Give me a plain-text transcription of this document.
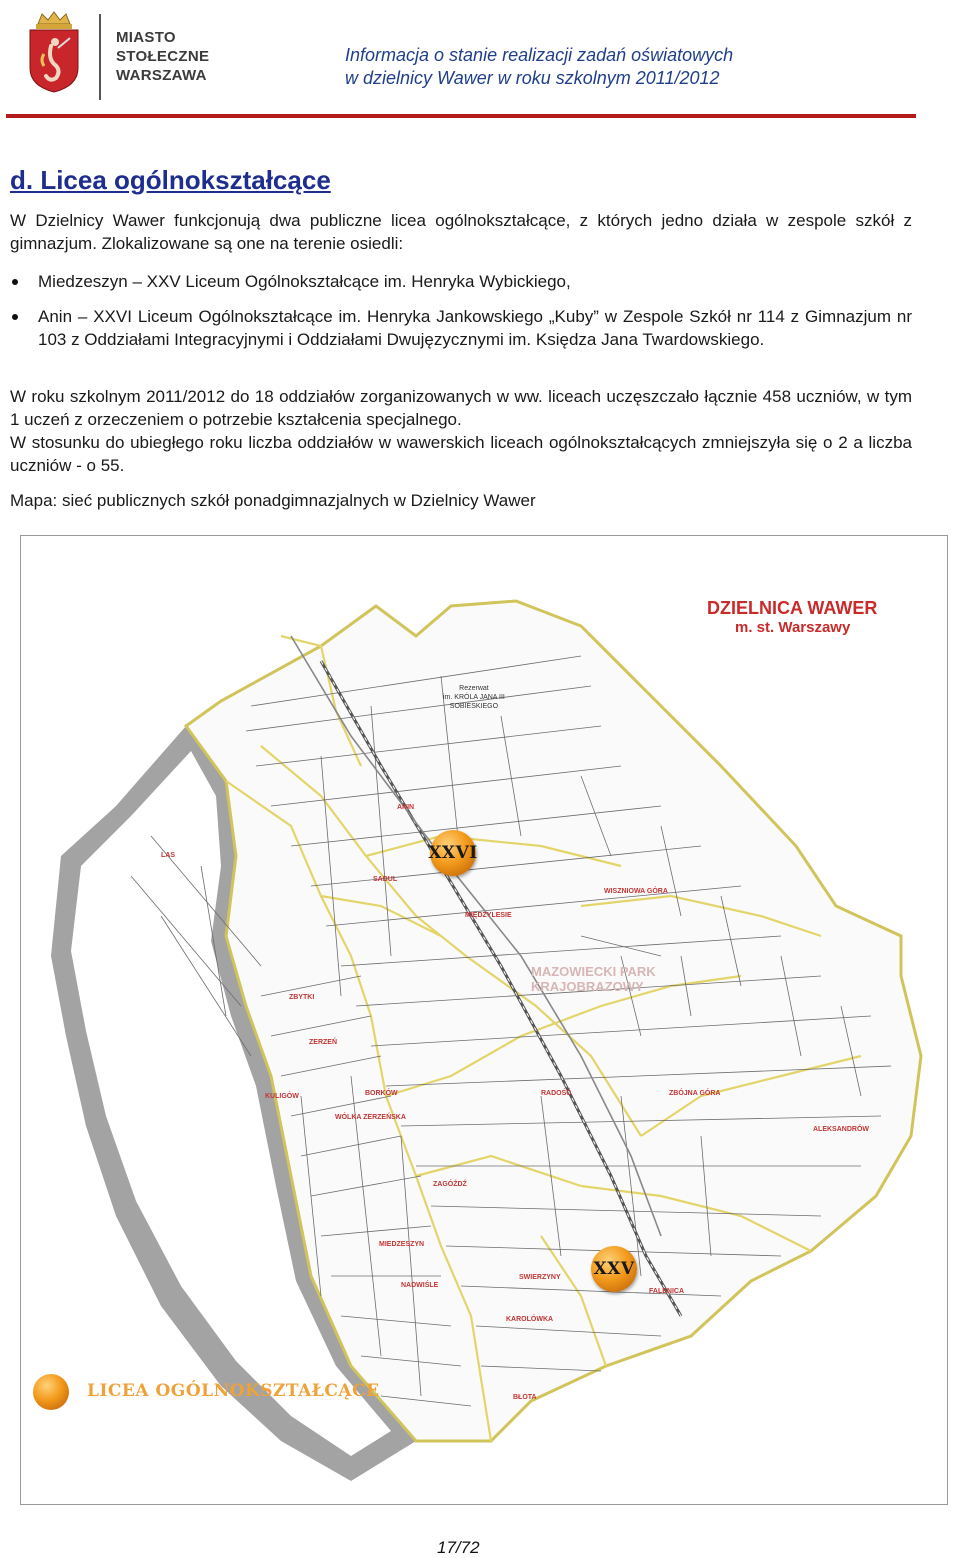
MIASTO
STOŁECZNE
WARSZAWA
Informacja o stanie realizacji zadań oświatowych
w dzielnicy Wawer w roku szkolnym 2011/2012
d. Licea ogólnokształcące
W Dzielnicy Wawer funkcjonują dwa publiczne licea ogólnokształcące, z których jedno działa w zespole szkół z gimnazjum. Zlokalizowane są one na terenie osiedli:
Miedzeszyn – XXV Liceum Ogólnokształcące im. Henryka Wybickiego,
Anin – XXVI Liceum Ogólnokształcące im. Henryka Jankowskiego „Kuby” w Zespole Szkół nr 114 z Gimnazjum nr 103 z Oddziałami Integracyjnymi i Oddziałami Dwujęzycznymi im. Księdza Jana Twardowskiego.
W roku szkolnym 2011/2012 do 18 oddziałów zorganizowanych w ww. liceach uczęszczało łącznie 458 uczniów, w tym 1 uczeń z orzeczeniem o potrzebie kształcenia specjalnego.
W stosunku do ubiegłego roku liczba oddziałów w wawerskich liceach ogólnokształcących zmniejszyła się o 2 a liczba uczniów - o 55.
Mapa: sieć publicznych szkół ponadgimnazjalnych w Dzielnicy Wawer
DZIELNICA WAWER
m. st. Warszawy
Rezerwat
im. KRÓLA JANA III
SOBIESKIEGO
MAZOWIECKI PARK
KRAJOBRAZOWY
ANIN
LAS
SADUL
WISZNIOWA GÓRA
MIĘDZYLESIE
ZBYTKI
ZERZEŃ
KULIGÓW	BORKÓW
WÓLKA ZERZEŃSKA
RADOŚĆ
ZAGÓŹDŹ
ZBÓJNA GÓRA
ALEKSANDRÓW
MIEDZESZYN
SWIERZYNY
KAROLÓWKA
BŁOTA
NADWIŚLE
FALENICA
XXVI
XXV
LICEA OGÓLNOKSZTAŁCĄCE
17/72
